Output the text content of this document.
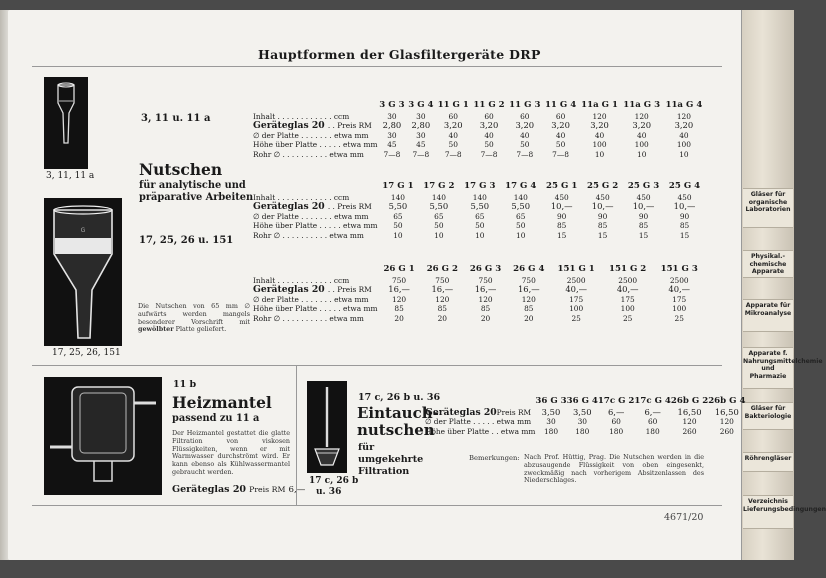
Gläser für organische Laboratorien
Physikal.-chemische Apparate
Apparate für Mikroanalyse
Apparate f. Nahrungsmittelchemie und Pharmazie
Gläser für Bakteriologie
Röhrengläser
Verzeichnis Lieferungsbedingungen
Hauptformen der Glasfiltergeräte DRP
3, 11, 11 a
G
17, 25, 26, 151
3, 11 u. 11 a
Nutschen
für analytische und
präparative Arbeiten
17, 25, 26 u. 151
Die Nutschen von 65 mm ∅ aufwärts werden mangels besonderer Vorschrift mit gewölbter Platte geliefert.
	3 G 3	3 G 4	11 G 1	11 G 2	11 G 3	11 G 4	11a G 1	11a G 3	11a G 4
Inhalt . . . . . . . . . . . . ccm	30	30	60	60	60	60	120	120	120
Geräteglas 20 . . Preis RM	2,80	2,80	3,20	3,20	3,20	3,20	3,20	3,20	3,20
∅ der Platte . . . . . . . etwa mm	30	30	40	40	40	40	40	40	40
Höhe über Platte . . . . . etwa mm	45	45	50	50	50	50	100	100	100
Rohr ∅ . . . . . . . . . . etwa mm	7—8	7—8	7—8	7—8	7—8	7—8	10	10	10
	17 G 1	17 G 2	17 G 3	17 G 4	25 G 1	25 G 2	25 G 3	25 G 4
Inhalt . . . . . . . . . . . . ccm	140	140	140	140	450	450	450	450
Geräteglas 20 . . Preis RM	5,50	5,50	5,50	5,50	10,—	10,—	10,—	10,—
∅ der Platte . . . . . . . etwa mm	65	65	65	65	90	90	90	90
Höhe über Platte . . . . . etwa mm	50	50	50	50	85	85	85	85
Rohr ∅ . . . . . . . . . . etwa mm	10	10	10	10	15	15	15	15
	26 G 1	26 G 2	26 G 3	26 G 4	151 G 1	151 G 2	151 G 3
Inhalt . . . . . . . . . . . . ccm	750	750	750	750	2500	2500	2500
Geräteglas 20 . . Preis RM	16,—	16,—	16,—	16,—	40,—	40,—	40,—
∅ der Platte . . . . . . . etwa mm	120	120	120	120	175	175	175
Höhe über Platte . . . . . etwa mm	85	85	85	85	100	100	100
Rohr ∅ . . . . . . . . . . etwa mm	20	20	20	20	25	25	25
11 b
Heizmantel
passend zu 11 a
Der Heizmantel gestattet die glatte Filtration von viskosen Flüssigkeiten, wenn er mit Warmwasser durchströmt wird. Er kann ebenso als Kühlwassermantel gebraucht werden.
Geräteglas 20 Preis RM 6,—
17 c, 26 b
u. 36
17 c, 26 b u. 36
Eintauch-
nutschen
für
umgekehrte
Filtration
	36 G 3	36 G 4	17c G 2	17c G 4	26b G 2	26b G 4
Geräteglas 20Preis RM	3,50	3,50	6,—	6,—	16,50	16,50
∅ der Platte . . . . . etwa mm	30	30	60	60	120	120
Höhe über Platte . . etwa mm	180	180	180	180	260	260
Bemerkungen: Nach Prof. Hüttig, Prag. Die Nutschen werden in die abzusaugende Flüssigkeit von oben eingesenkt, zweckmäßig nach vorherigem Absitzenlassen des Niederschlages.
4671/20
